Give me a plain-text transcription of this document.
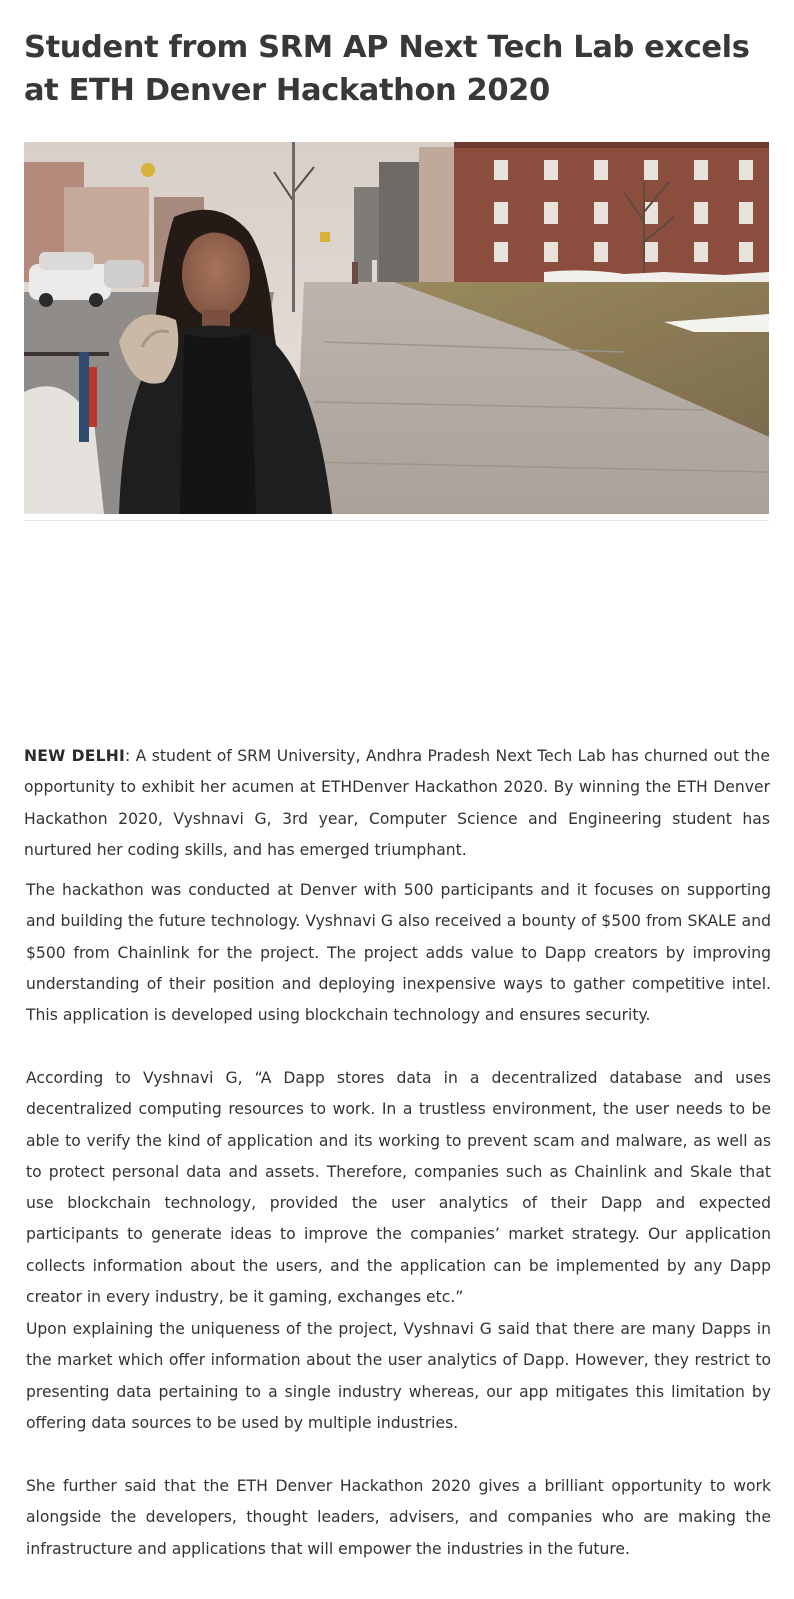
Student from SRM AP Next Tech Lab excels at ETH Denver Hackathon 2020

NEW DELHI: A student of SRM University, Andhra Pradesh Next Tech Lab has churned out the opportunity to exhibit her acumen at ETHDenver Hackathon 2020. By winning the ETH Denver Hackathon 2020, Vyshnavi G, 3rd year, Computer Science and Engineering student has nurtured her coding skills, and has emerged triumphant.

The hackathon was conducted at Denver with 500 participants and it focuses on supporting and building the future technology. Vyshnavi G also received a bounty of $500 from SKALE and $500 from Chainlink for the project. The project adds value to Dapp creators by improving understanding of their position and deploying inexpensive ways to gather competitive intel. This application is developed using blockchain technology and ensures security.

According to Vyshnavi G, “A Dapp stores data in a decentralized database and uses decentralized computing resources to work. In a trustless environment, the user needs to be able to verify the kind of application and its working to prevent scam and malware, as well as to protect personal data and assets. Therefore, companies such as Chainlink and Skale that use blockchain technology, provided the user analytics of their Dapp and expected participants to generate ideas to improve the companies’ market strategy. Our application collects information about the users, and the application can be implemented by any Dapp creator in every industry, be it gaming, exchanges etc.”

Upon explaining the uniqueness of the project, Vyshnavi G said that there are many Dapps in the market which offer information about the user analytics of Dapp. However, they restrict to presenting data pertaining to a single industry whereas, our app mitigates this limitation by offering data sources to be used by multiple industries.

She further said that the ETH Denver Hackathon 2020 gives a brilliant opportunity to work alongside the developers, thought leaders, advisers, and companies who are making the infrastructure and applications that will empower the industries in the future.
